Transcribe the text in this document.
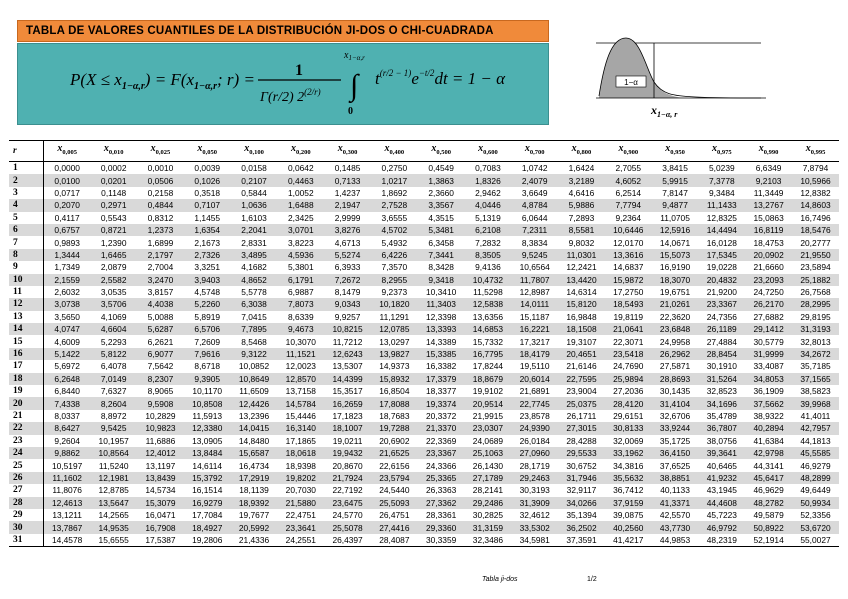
TABLA DE VALORES CUANTILES DE LA DISTRIBUCIÓN JI-DOS O CHI-CUADRADA
$P(X \le x_{1-\alpha,r}) = F(x_{1-\alpha,r}$; r) =	1
Γ(r/2) $2^{(2/r)}$ ∫
$x_{1-\alpha,r}$
0
$t^{(r/2 - 1)}e^{-t/2}dt = 1 - \alpha$	1−α
$x_{1-\alpha, r}$
r	$x_{0,005}$	$x_{0,010}$	$x_{0,025}$	$x_{0,050}$	$x_{0,100}$	$x_{0,200}$	$x_{0,300}$	$x_{0,400}$	$x_{0,500}$	$x_{0,600}$	$x_{0,700}$	$x_{0,800}$	$x_{0,900}$	$x_{0,950}$	$x_{0,975}$	$x_{0,990}$	$x_{0,995}$
1	0,0000	0,0002	0,0010	0,0039	0,0158	0,0642	0,1485	0,2750	0,4549	0,7083	1,0742	1,6424	2,7055	3,8415	5,0239	6,6349	7,8794
2	0,0100	0,0201	0,0506	0,1026	0,2107	0,4463	0,7133	1,0217	1,3863	1,8326	2,4079	3,2189	4,6052	5,9915	7,3778	9,2103	10,5966
3	0,0717	0,1148	0,2158	0,3518	0,5844	1,0052	1,4237	1,8692	2,3660	2,9462	3,6649	4,6416	6,2514	7,8147	9,3484	11,3449	12,8382
4	0,2070	0,2971	0,4844	0,7107	1,0636	1,6488	2,1947	2,7528	3,3567	4,0446	4,8784	5,9886	7,7794	9,4877	11,1433	13,2767	14,8603
5	0,4117	0,5543	0,8312	1,1455	1,6103	2,3425	2,9999	3,6555	4,3515	5,1319	6,0644	7,2893	9,2364	11,0705	12,8325	15,0863	16,7496
6	0,6757	0,8721	1,2373	1,6354	2,2041	3,0701	3,8276	4,5702	5,3481	6,2108	7,2311	8,5581	10,6446	12,5916	14,4494	16,8119	18,5476
7	0,9893	1,2390	1,6899	2,1673	2,8331	3,8223	4,6713	5,4932	6,3458	7,2832	8,3834	9,8032	12,0170	14,0671	16,0128	18,4753	20,2777
8	1,3444	1,6465	2,1797	2,7326	3,4895	4,5936	5,5274	6,4226	7,3441	8,3505	9,5245	11,0301	13,3616	15,5073	17,5345	20,0902	21,9550
9	1,7349	2,0879	2,7004	3,3251	4,1682	5,3801	6,3933	7,3570	8,3428	9,4136	10,6564	12,2421	14,6837	16,9190	19,0228	21,6660	23,5894
10	2,1559	2,5582	3,2470	3,9403	4,8652	6,1791	7,2672	8,2955	9,3418	10,4732	11,7807	13,4420	15,9872	18,3070	20,4832	23,2093	25,1882
11	2,6032	3,0535	3,8157	4,5748	5,5778	6,9887	8,1479	9,2373	10,3410	11,5298	12,8987	14,6314	17,2750	19,6751	21,9200	24,7250	26,7568
12	3,0738	3,5706	4,4038	5,2260	6,3038	7,8073	9,0343	10,1820	11,3403	12,5838	14,0111	15,8120	18,5493	21,0261	23,3367	26,2170	28,2995
13	3,5650	4,1069	5,0088	5,8919	7,0415	8,6339	9,9257	11,1291	12,3398	13,6356	15,1187	16,9848	19,8119	22,3620	24,7356	27,6882	29,8195
14	4,0747	4,6604	5,6287	6,5706	7,7895	9,4673	10,8215	12,0785	13,3393	14,6853	16,2221	18,1508	21,0641	23,6848	26,1189	29,1412	31,3193
15	4,6009	5,2293	6,2621	7,2609	8,5468	10,3070	11,7212	13,0297	14,3389	15,7332	17,3217	19,3107	22,3071	24,9958	27,4884	30,5779	32,8013
16	5,1422	5,8122	6,9077	7,9616	9,3122	11,1521	12,6243	13,9827	15,3385	16,7795	18,4179	20,4651	23,5418	26,2962	28,8454	31,9999	34,2672
17	5,6972	6,4078	7,5642	8,6718	10,0852	12,0023	13,5307	14,9373	16,3382	17,8244	19,5110	21,6146	24,7690	27,5871	30,1910	33,4087	35,7185
18	6,2648	7,0149	8,2307	9,3905	10,8649	12,8570	14,4399	15,8932	17,3379	18,8679	20,6014	22,7595	25,9894	28,8693	31,5264	34,8053	37,1565
19	6,8440	7,6327	8,9065	10,1170	11,6509	13,7158	15,3517	16,8504	18,3377	19,9102	21,6891	23,9004	27,2036	30,1435	32,8523	36,1909	38,5823
20	7,4338	8,2604	9,5908	10,8508	12,4426	14,5784	16,2659	17,8088	19,3374	20,9514	22,7745	25,0375	28,4120	31,4104	34,1696	37,5662	39,9968
21	8,0337	8,8972	10,2829	11,5913	13,2396	15,4446	17,1823	18,7683	20,3372	21,9915	23,8578	26,1711	29,6151	32,6706	35,4789	38,9322	41,4011
22	8,6427	9,5425	10,9823	12,3380	14,0415	16,3140	18,1007	19,7288	21,3370	23,0307	24,9390	27,3015	30,8133	33,9244	36,7807	40,2894	42,7957
23	9,2604	10,1957	11,6886	13,0905	14,8480	17,1865	19,0211	20,6902	22,3369	24,0689	26,0184	28,4288	32,0069	35,1725	38,0756	41,6384	44,1813
24	9,8862	10,8564	12,4012	13,8484	15,6587	18,0618	19,9432	21,6525	23,3367	25,1063	27,0960	29,5533	33,1962	36,4150	39,3641	42,9798	45,5585
25	10,5197	11,5240	13,1197	14,6114	16,4734	18,9398	20,8670	22,6156	24,3366	26,1430	28,1719	30,6752	34,3816	37,6525	40,6465	44,3141	46,9279
26	11,1602	12,1981	13,8439	15,3792	17,2919	19,8202	21,7924	23,5794	25,3365	27,1789	29,2463	31,7946	35,5632	38,8851	41,9232	45,6417	48,2899
27	11,8076	12,8785	14,5734	16,1514	18,1139	20,7030	22,7192	24,5440	26,3363	28,2141	30,3193	32,9117	36,7412	40,1133	43,1945	46,9629	49,6449
28	12,4613	13,5647	15,3079	16,9279	18,9392	21,5880	23,6475	25,5093	27,3362	29,2486	31,3909	34,0266	37,9159	41,3371	44,4608	48,2782	50,9934
29	13,1211	14,2565	16,0471	17,7084	19,7677	22,4751	24,5770	26,4751	28,3361	30,2825	32,4612	35,1394	39,0875	42,5570	45,7223	49,5879	52,3356
30	13,7867	14,9535	16,7908	18,4927	20,5992	23,3641	25,5078	27,4416	29,3360	31,3159	33,5302	36,2502	40,2560	43,7730	46,9792	50,8922	53,6720
31	14,4578	15,6555	17,5387	19,2806	21,4336	24,2551	26,4397	28,4087	30,3359	32,3486	34,5981	37,3591	41,4217	44,9853	48,2319	52,1914	55,0027
Tabla ji-dos	1/2
